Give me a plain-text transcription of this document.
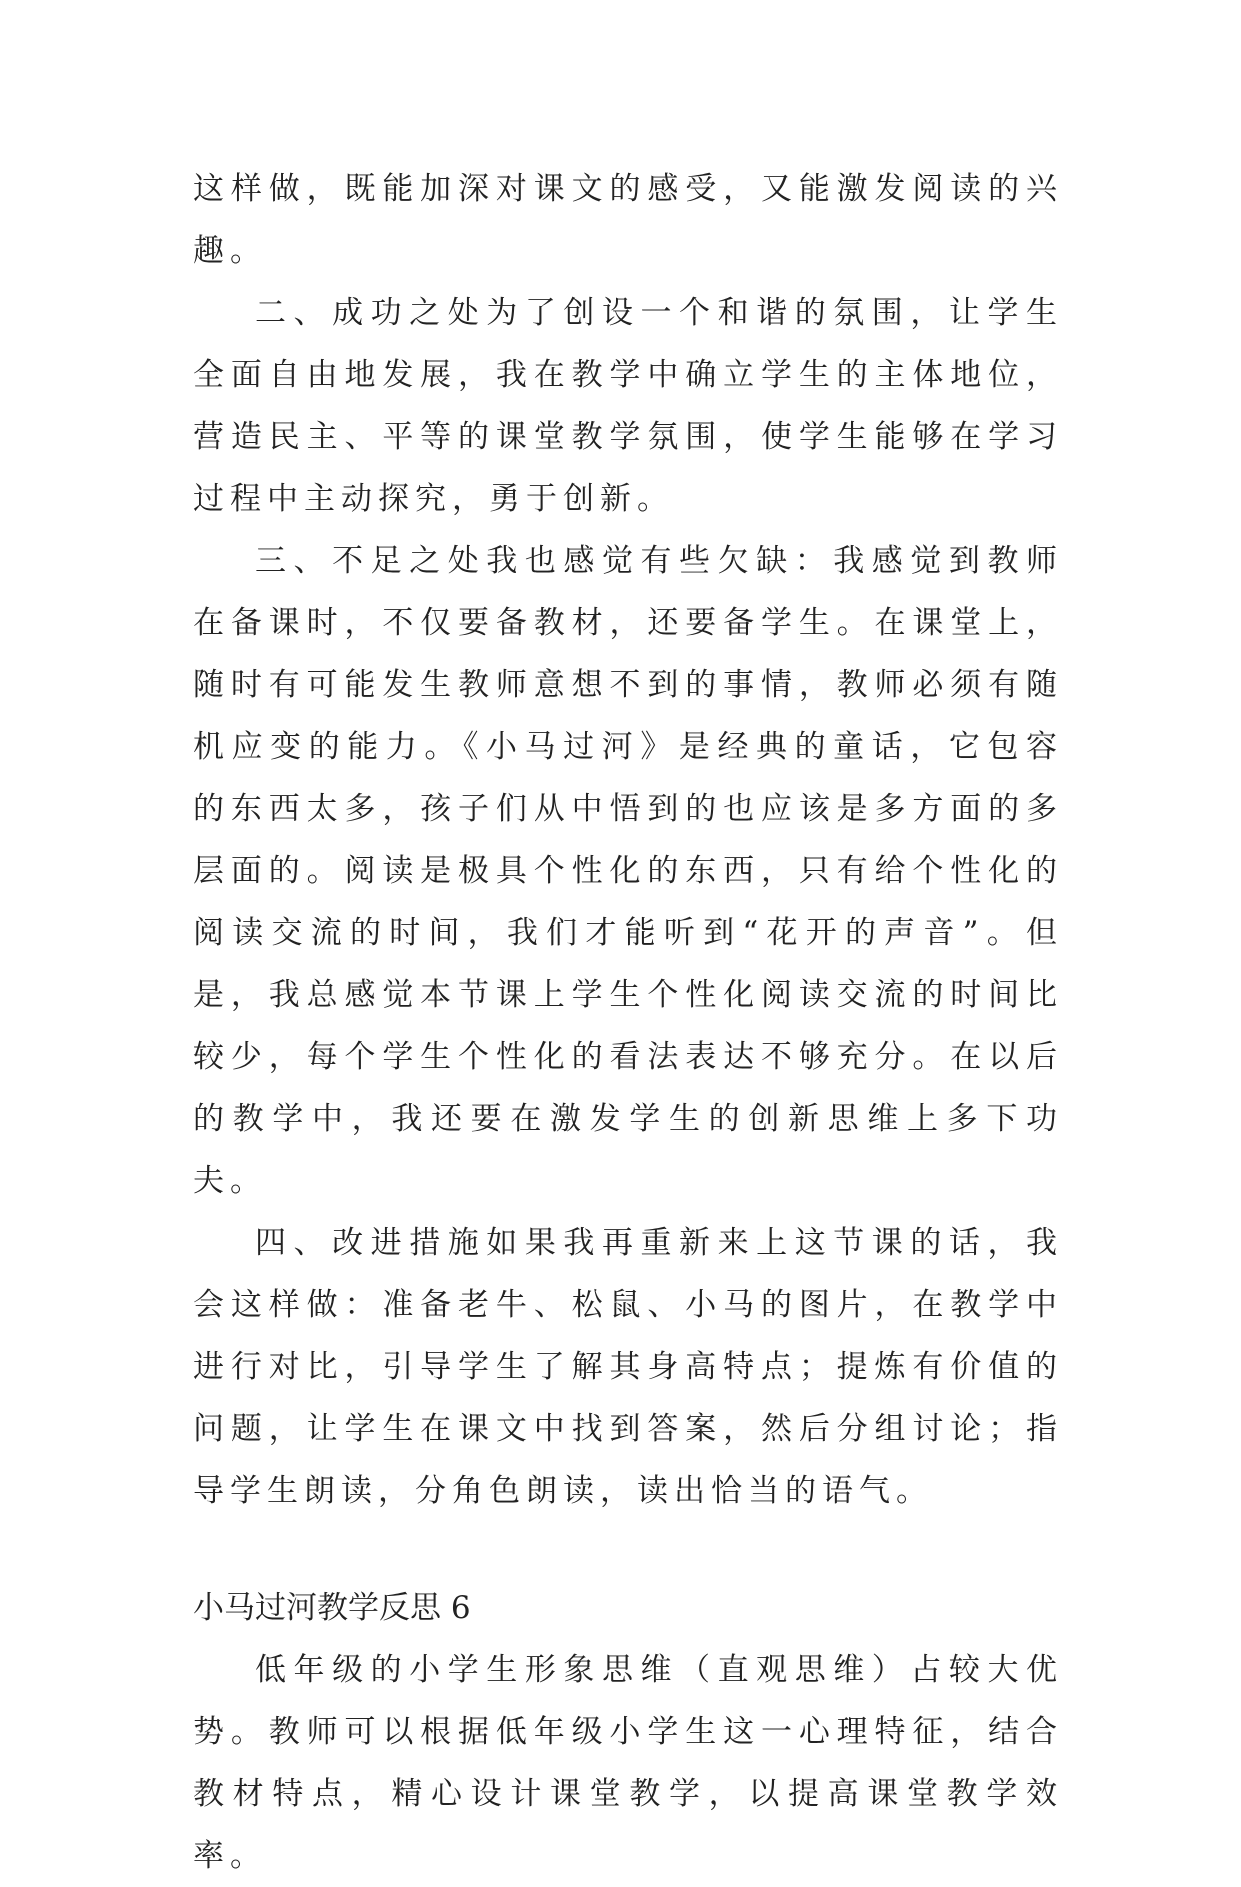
这样做，既能加深对课文的感受，又能激发阅读的兴趣。

二、成功之处为了创设一个和谐的氛围，让学生全面自由地发展，我在教学中确立学生的主体地位，营造民主、平等的课堂教学氛围，使学生能够在学习过程中主动探究，勇于创新。

三、不足之处我也感觉有些欠缺：我感觉到教师在备课时，不仅要备教材，还要备学生。在课堂上，随时有可能发生教师意想不到的事情，教师必须有随机应变的能力。《小马过河》是经典的童话，它包容的东西太多，孩子们从中悟到的也应该是多方面的多层面的。阅读是极具个性化的东西，只有给个性化的阅读交流的时间，我们才能听到“花开的声音”。但是，我总感觉本节课上学生个性化阅读交流的时间比较少，每个学生个性化的看法表达不够充分。在以后的教学中，我还要在激发学生的创新思维上多下功夫。

四、改进措施如果我再重新来上这节课的话，我会这样做：准备老牛、松鼠、小马的图片，在教学中进行对比，引导学生了解其身高特点；提炼有价值的问题，让学生在课文中找到答案，然后分组讨论；指导学生朗读，分角色朗读，读出恰当的语气。

小马过河教学反思 6

低年级的小学生形象思维（直观思维）占较大优势。教师可以根据低年级小学生这一心理特征，结合教材特点，精心设计课堂教学，以提高课堂教学效率。
